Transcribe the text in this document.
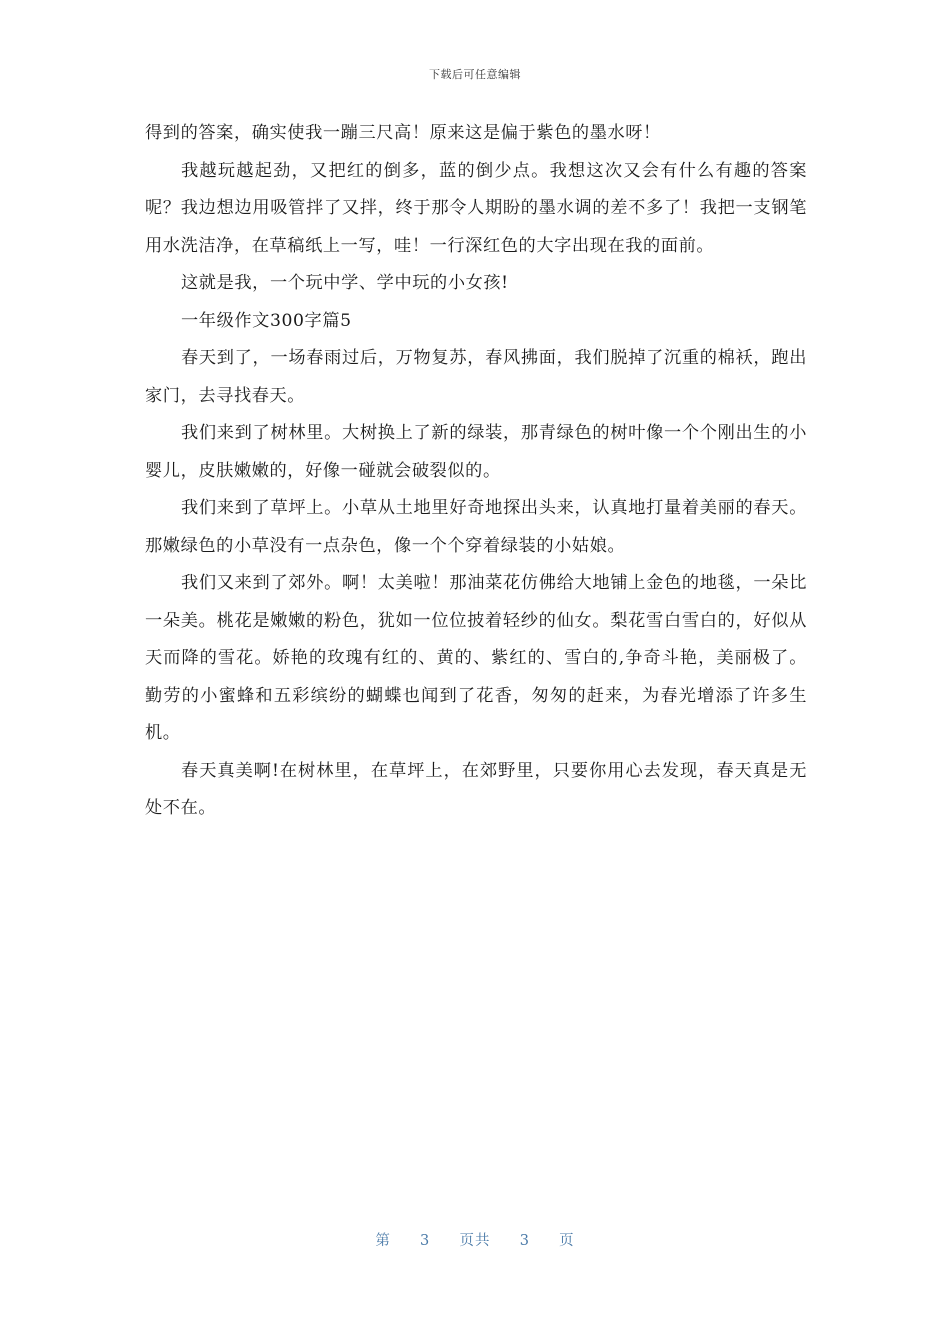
下载后可任意编辑

得到的答案，确实使我一蹦三尺高！原来这是偏于紫色的墨水呀！

我越玩越起劲，又把红的倒多，蓝的倒少点。我想这次又会有什么有趣的答案呢？我边想边用吸管拌了又拌，终于那令人期盼的墨水调的差不多了！我把一支钢笔用水洗洁净，在草稿纸上一写，哇！一行深红色的大字出现在我的面前。

这就是我，一个玩中学、学中玩的小女孩!

一年级作文300字篇5

春天到了，一场春雨过后，万物复苏，春风拂面，我们脱掉了沉重的棉袄，跑出家门，去寻找春天。

我们来到了树林里。大树换上了新的绿装，那青绿色的树叶像一个个刚出生的小婴儿，皮肤嫩嫩的，好像一碰就会破裂似的。

我们来到了草坪上。小草从土地里好奇地探出头来，认真地打量着美丽的春天。那嫩绿色的小草没有一点杂色，像一个个穿着绿装的小姑娘。

我们又来到了郊外。啊！太美啦！那油菜花仿佛给大地铺上金色的地毯，一朵比一朵美。桃花是嫩嫩的粉色，犹如一位位披着轻纱的仙女。梨花雪白雪白的，好似从天而降的雪花。娇艳的玫瑰有红的、黄的、紫红的、雪白的,争奇斗艳，美丽极了。勤劳的小蜜蜂和五彩缤纷的蝴蝶也闻到了花香，匆匆的赶来，为春光增添了许多生机。

春天真美啊!在树林里，在草坪上，在郊野里，只要你用心去发现，春天真是无处不在。

第 3 页共 3 页
